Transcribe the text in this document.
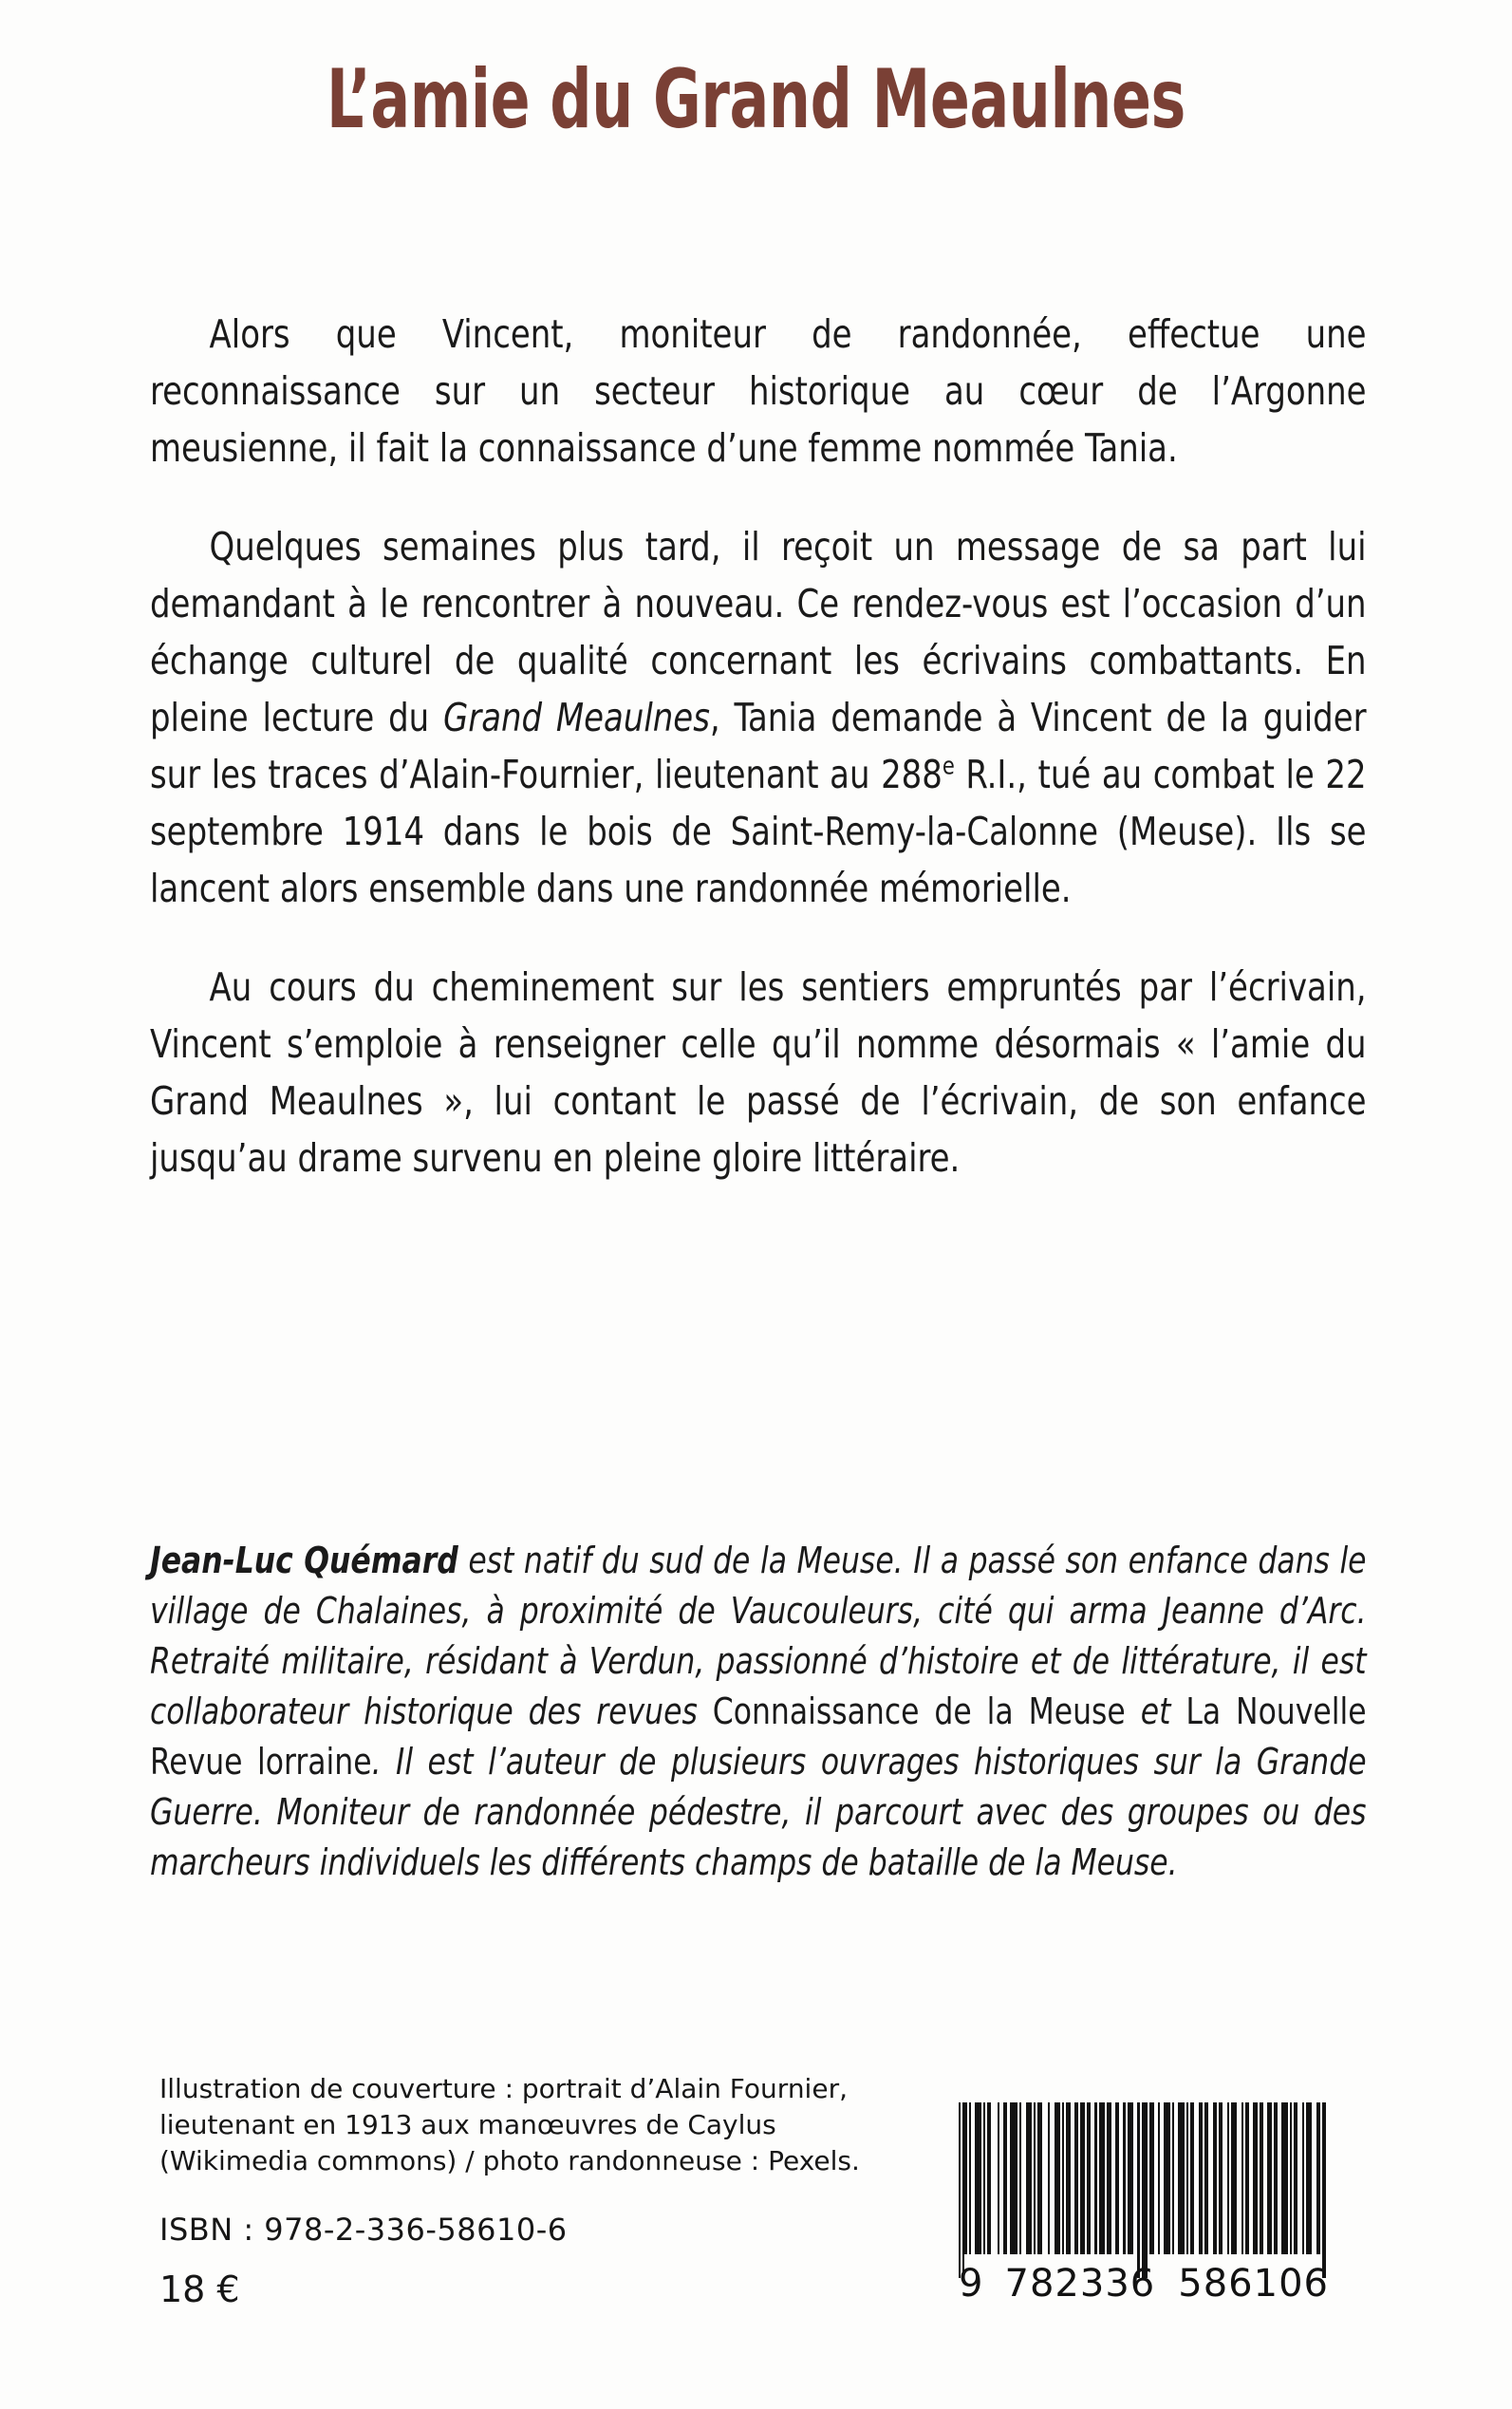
L’amie du Grand Meaulnes

Alors que Vincent, moniteur de randonnée, effectue une reconnaissance sur un secteur historique au cœur de l’Argonne meusienne, il fait la connaissance d’une femme nommée Tania.

Quelques semaines plus tard, il reçoit un message de sa part lui demandant à le rencontrer à nouveau. Ce rendez-vous est l’occasion d’un échange culturel de qualité concernant les écrivains combattants. En pleine lecture du Grand Meaulnes, Tania demande à Vincent de la guider sur les traces d’Alain-Fournier, lieutenant au 288e R.I., tué au combat le 22 septembre 1914 dans le bois de Saint-Remy-la-Calonne (Meuse). Ils se lancent alors ensemble dans une randonnée mémorielle.

Au cours du cheminement sur les sentiers empruntés par l’écrivain, Vincent s’emploie à renseigner celle qu’il nomme désormais « l’amie du Grand Meaulnes », lui contant le passé de l’écrivain, de son enfance jusqu’au drame survenu en pleine gloire littéraire.

Jean-Luc Quémard est natif du sud de la Meuse. Il a passé son enfance dans le village de Chalaines, à proximité de Vaucouleurs, cité qui arma Jeanne d’Arc. Retraité militaire, résidant à Verdun, passionné d’histoire et de littérature, il est collaborateur historique des revues Connaissance de la Meuse et La Nouvelle Revue lorraine. Il est l’auteur de plusieurs ouvrages historiques sur la Grande Guerre. Moniteur de randonnée pédestre, il parcourt avec des groupes ou des marcheurs individuels les différents champs de bataille de la Meuse.
Illustration de couverture : portrait d’Alain Fournier,
lieutenant en 1913 aux manœuvres de Caylus
(Wikimedia commons) / photo randonneuse : Pexels.
ISBN : 978-2-336-58610-6
18 €	9 782336 586106
